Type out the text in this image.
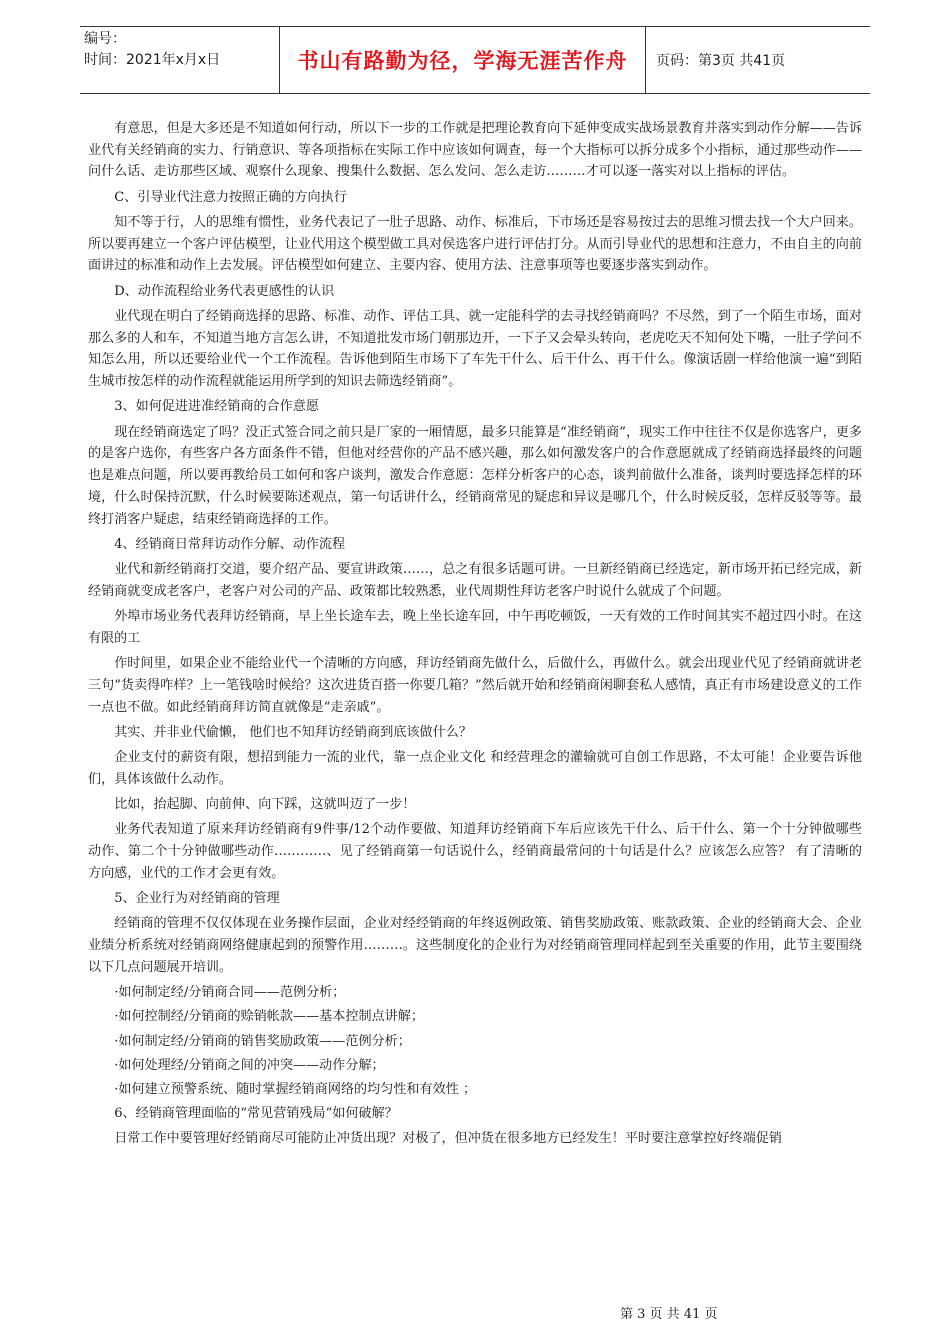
编号：
时间：2021年x月x日	书山有路勤为径，学海无涯苦作舟	页码：第3页 共41页

有意思，但是大多还是不知道如何行动，所以下一步的工作就是把理论教育向下延伸变成实战场景教育并落实到动作分解——告诉业代有关经销商的实力、行销意识、等各项指标在实际工作中应该如何调查，每一个大指标可以拆分成多个小指标，通过那些动作——问什么话、走访那些区域、观察什么现象、搜集什么数据、怎么发问、怎么走访………才可以逐一落实对以上指标的评估。

C、引导业代注意力按照正确的方向执行

知不等于行，人的思维有惯性，业务代表记了一肚子思路、动作、标准后，下市场还是容易按过去的思维习惯去找一个大户回来。所以要再建立一个客户评估模型，让业代用这个模型做工具对侯选客户进行评估打分。从而引导业代的思想和注意力，不由自主的向前面讲过的标准和动作上去发展。评估模型如何建立、主要内容、使用方法、注意事项等也要逐步落实到动作。

D、动作流程给业务代表更感性的认识

业代现在明白了经销商选择的思路、标准、动作、评估工具、就一定能科学的去寻找经销商吗？不尽然，到了一个陌生市场，面对那么多的人和车，不知道当地方言怎么讲，不知道批发市场门朝那边开，一下子又会晕头转向，老虎吃天不知何处下嘴，一肚子学问不知怎么用，所以还要给业代一个工作流程。告诉他到陌生市场下了车先干什么、后干什么、再干什么。像演话剧一样给他演一遍“到陌生城市按怎样的动作流程就能运用所学到的知识去筛选经销商”。

3、如何促进进准经销商的合作意愿

现在经销商选定了吗？没正式签合同之前只是厂家的一厢情愿，最多只能算是“准经销商”，现实工作中往往不仅是你选客户，更多的是客户选你，有些客户各方面条件不错，但他对经营你的产品不感兴趣，那么如何激发客户的合作意愿就成了经销商选择最终的问题也是难点问题，所以要再教给员工如何和客户谈判，激发合作意愿：怎样分析客户的心态，谈判前做什么准备，谈判时要选择怎样的环境，什么时保持沉默，什么时候要陈述观点，第一句话讲什么，经销商常见的疑虑和异议是哪几个，什么时候反驳，怎样反驳等等。最终打消客户疑虑，结束经销商选择的工作。

4、经销商日常拜访动作分解、动作流程

业代和新经销商打交道，要介绍产品、要宣讲政策……，总之有很多话题可讲。一旦新经销商已经选定，新市场开拓已经完成，新经销商就变成老客户，老客户对公司的产品、政策都比较熟悉，业代周期性拜访老客户时说什么就成了个问题。

外埠市场业务代表拜访经销商，早上坐长途车去，晚上坐长途车回，中午再吃顿饭，一天有效的工作时间其实不超过四小时。在这有限的工

作时间里，如果企业不能给业代一个清晰的方向感，拜访经销商先做什么，后做什么，再做什么。就会出现业代见了经销商就讲老三句“货卖得咋样？上一笔钱啥时候给？这次进货百搭一你要几箱？”然后就开始和经销商闲聊套私人感情，真正有市场建设意义的工作一点也不做。如此经销商拜访简直就像是“走亲戚”。

其实、并非业代偷懒， 他们也不知拜访经销商到底该做什么？

企业支付的薪资有限，想招到能力一流的业代，靠一点企业文化 和经营理念的灌输就可自创工作思路，不太可能！企业要告诉他们，具体该做什么动作。

比如，抬起脚、向前伸、向下踩，这就叫迈了一步！

业务代表知道了原来拜访经销商有9件事/12个动作要做、知道拜访经销商下车后应该先干什么、后干什么、第一个十分钟做哪些动作、第二个十分钟做哪些动作…………、见了经销商第一句话说什么，经销商最常问的十句话是什么？应该怎么应答？ 有了清晰的方向感，业代的工作才会更有效。

5、企业行为对经销商的管理

经销商的管理不仅仅体现在业务操作层面，企业对经经销商的年终返例政策、销售奖励政策、账款政策、企业的经销商大会、企业业绩分析系统对经销商网络健康起到的预警作用………。这些制度化的企业行为对经销商管理同样起到至关重要的作用，此节主要围绕以下几点问题展开培训。

·如何制定经/分销商合同——范例分析；

·如何控制经/分销商的赊销帐款——基本控制点讲解；

·如何制定经/分销商的销售奖励政策——范例分析；

·如何处理经/分销商之间的冲突——动作分解；

·如何建立预警系统、随时掌握经销商网络的均匀性和有效性 ；

6、经销商管理面临的“常见营销残局”如何破解？

日常工作中要管理好经销商尽可能防止冲货出现？对极了，但冲货在很多地方已经发生！平时要注意掌控好终端促销

第 3 页 共 41 页
